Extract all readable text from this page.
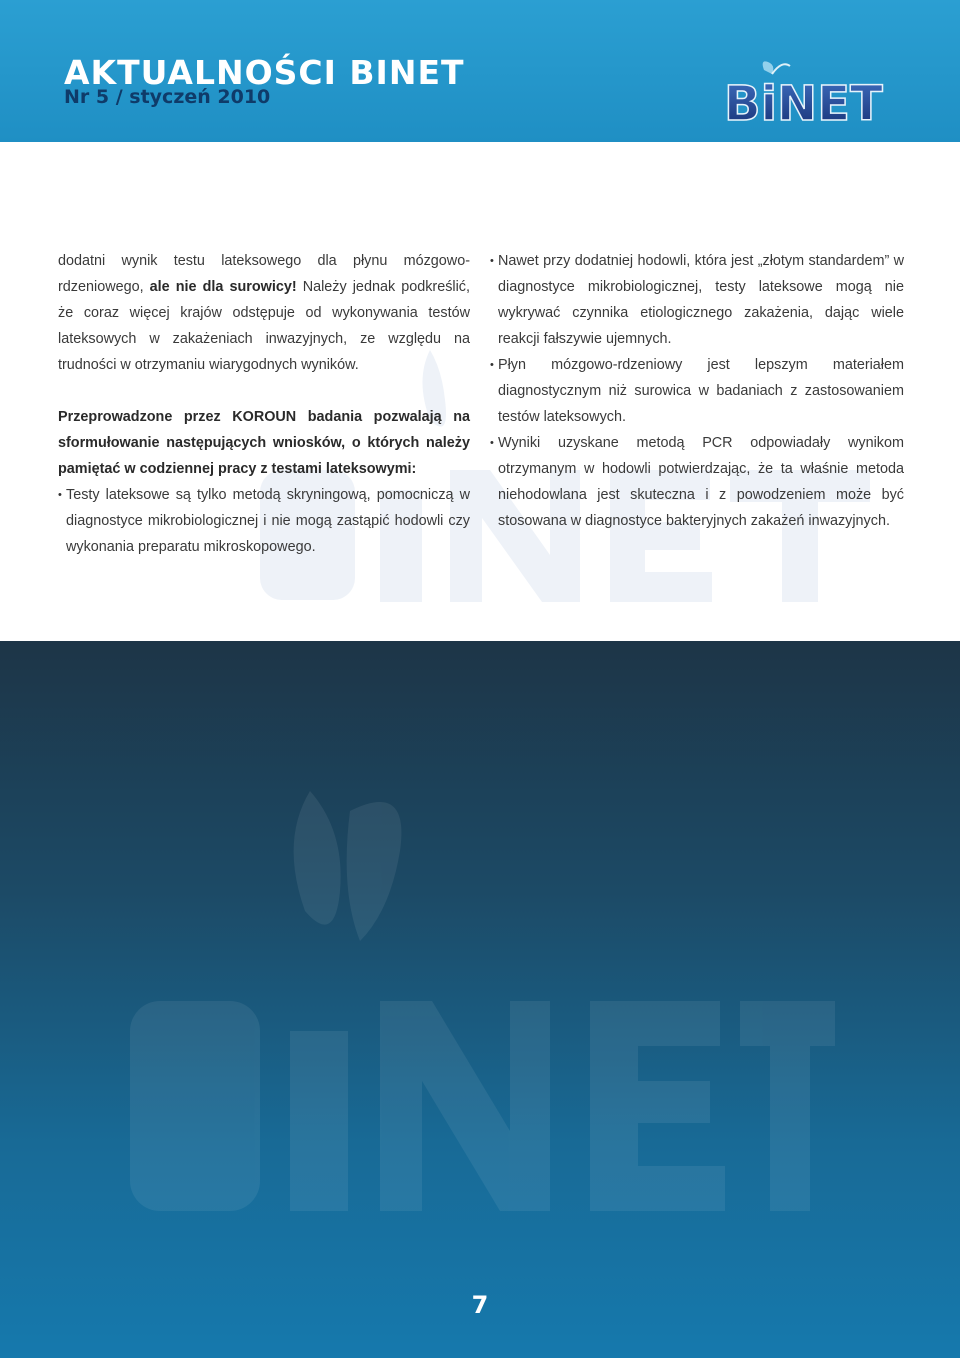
AKTUALNOŚCI BINET
Nr 5 / styczeń 2010	BiNET

dodatni wynik testu lateksowego dla płynu mózgowo-rdzeniowego, ale nie dla surowicy! Należy jednak podkreślić, że coraz więcej krajów odstępuje od wykonywania testów lateksowych w zakażeniach inwazyjnych, ze względu na trudności w otrzymaniu wiarygodnych wyników.

Przeprowadzone przez KOROUN badania pozwalają na sformułowanie następujących wniosków, o których należy pamiętać w codziennej pracy z testami lateksowymi:

• Testy lateksowe są tylko metodą skryningową, pomocniczą w diagnostyce mikrobiologicznej i nie mogą zastąpić hodowli czy wykonania preparatu mikroskopowego.
• Nawet przy dodatniej hodowli, która jest „złotym standardem” w diagnostyce mikrobiologicznej, testy lateksowe mogą nie wykrywać czynnika etiologicznego zakażenia, dając wiele reakcji fałszywie ujemnych.
• Płyn mózgowo-rdzeniowy jest lepszym materiałem diagnostycznym niż surowica w badaniach z zastosowaniem testów lateksowych.
• Wyniki uzyskane metodą PCR odpowiadały wynikom otrzymanym w hodowli potwierdzając, że ta właśnie metoda niehodowlana jest skuteczna i z powodzeniem może być stosowana w diagnostyce bakteryjnych zakażeń inwazyjnych.
7
